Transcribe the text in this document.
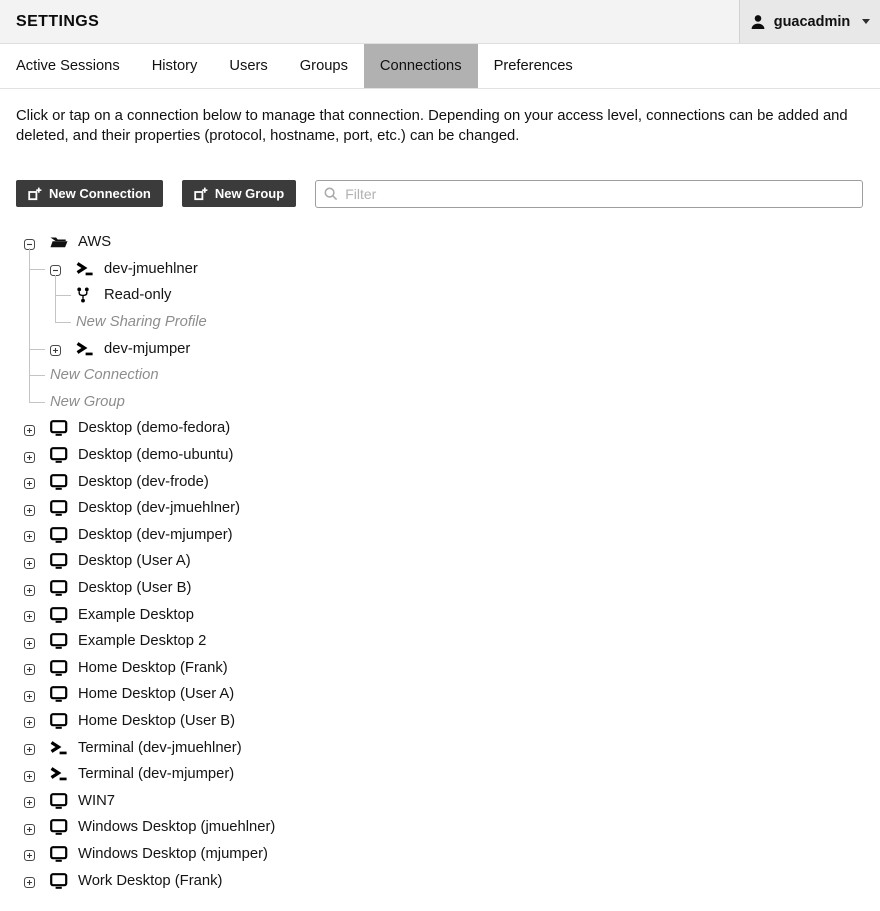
SETTINGS	guacadmin
Active Sessions	History	Users	Groups	Connections	Preferences

Click or tap on a connection below to manage that connection. Depending on your access level, connections can be added and deleted, and their properties (protocol, hostname, port, etc.) can be changed.

New Connection	New Group
Filter
AWS
dev-jmuehlner
Read-only
New Sharing Profile
dev-mjumper
New Connection
New Group
Desktop (demo-fedora)
Desktop (demo-ubuntu)
Desktop (dev-frode)
Desktop (dev-jmuehlner)
Desktop (dev-mjumper)
Desktop (User A)
Desktop (User B)
Example Desktop
Example Desktop 2
Home Desktop (Frank)
Home Desktop (User A)
Home Desktop (User B)
Terminal (dev-jmuehlner)
Terminal (dev-mjumper)
WIN7
Windows Desktop (jmuehlner)
Windows Desktop (mjumper)
Work Desktop (Frank)
